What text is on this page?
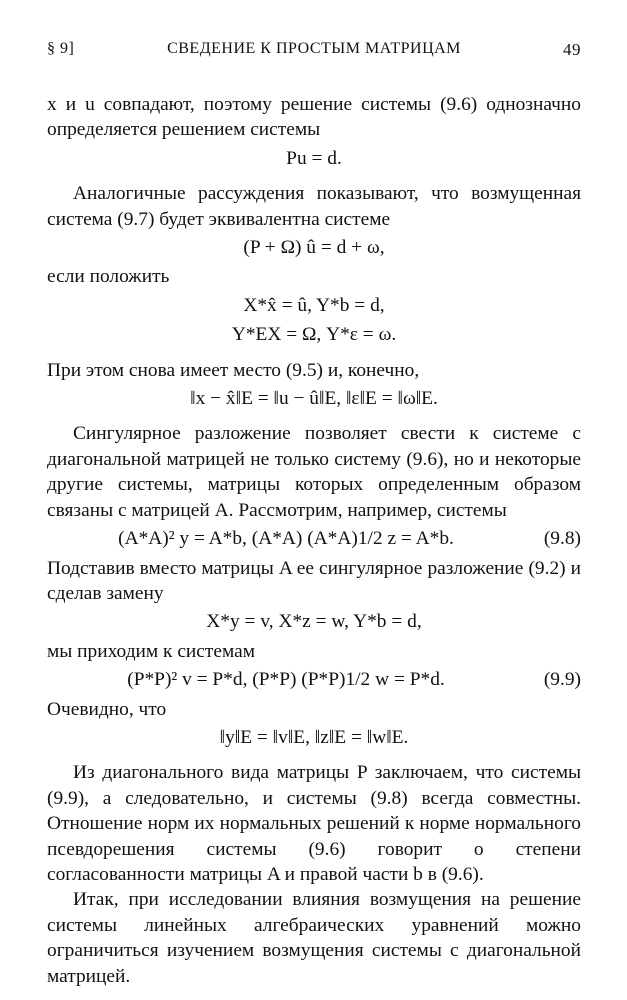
§ 9]	СВЕДЕНИЕ К ПРОСТЫМ МАТРИЦАМ	49

x и u совпадают, поэтому решение системы (9.6) однозначно определяется решением системы

Pu = d.

Аналогичные рассуждения показывают, что возмущенная система (9.7) будет эквивалентна системе

(P + Ω) û = d + ω,

если положить

X*x̂ = û, Y*b = d,
Y*EX = Ω, Y*ε = ω.

При этом снова имеет место (9.5) и, конечно,

‖x − x̂‖E = ‖u − û‖E, ‖ε‖E = ‖ω‖E.

Сингулярное разложение позволяет свести к системе с диагональной матрицей не только систему (9.6), но и некоторые другие системы, матрицы которых определенным образом связаны с матрицей A. Рассмотрим, например, системы

(A*A)² y = A*b, (A*A) (A*A)1/2 z = A*b.	(9.8)

Подставив вместо матрицы A ее сингулярное разложение (9.2) и сделав замену

X*y = v, X*z = w, Y*b = d,

мы приходим к системам

(P*P)² v = P*d, (P*P) (P*P)1/2 w = P*d.	(9.9)

Очевидно, что

‖y‖E = ‖v‖E, ‖z‖E = ‖w‖E.

Из диагонального вида матрицы P заключаем, что системы (9.9), а следовательно, и системы (9.8) всегда совместны. Отношение норм их нормальных решений к норме нормального псевдорешения системы (9.6) говорит о степени согласованности матрицы A и правой части b в (9.6).

Итак, при исследовании влияния возмущения на решение системы линейных алгебраических уравнений можно ограничиться изучением возмущения системы с диагональной матрицей.
